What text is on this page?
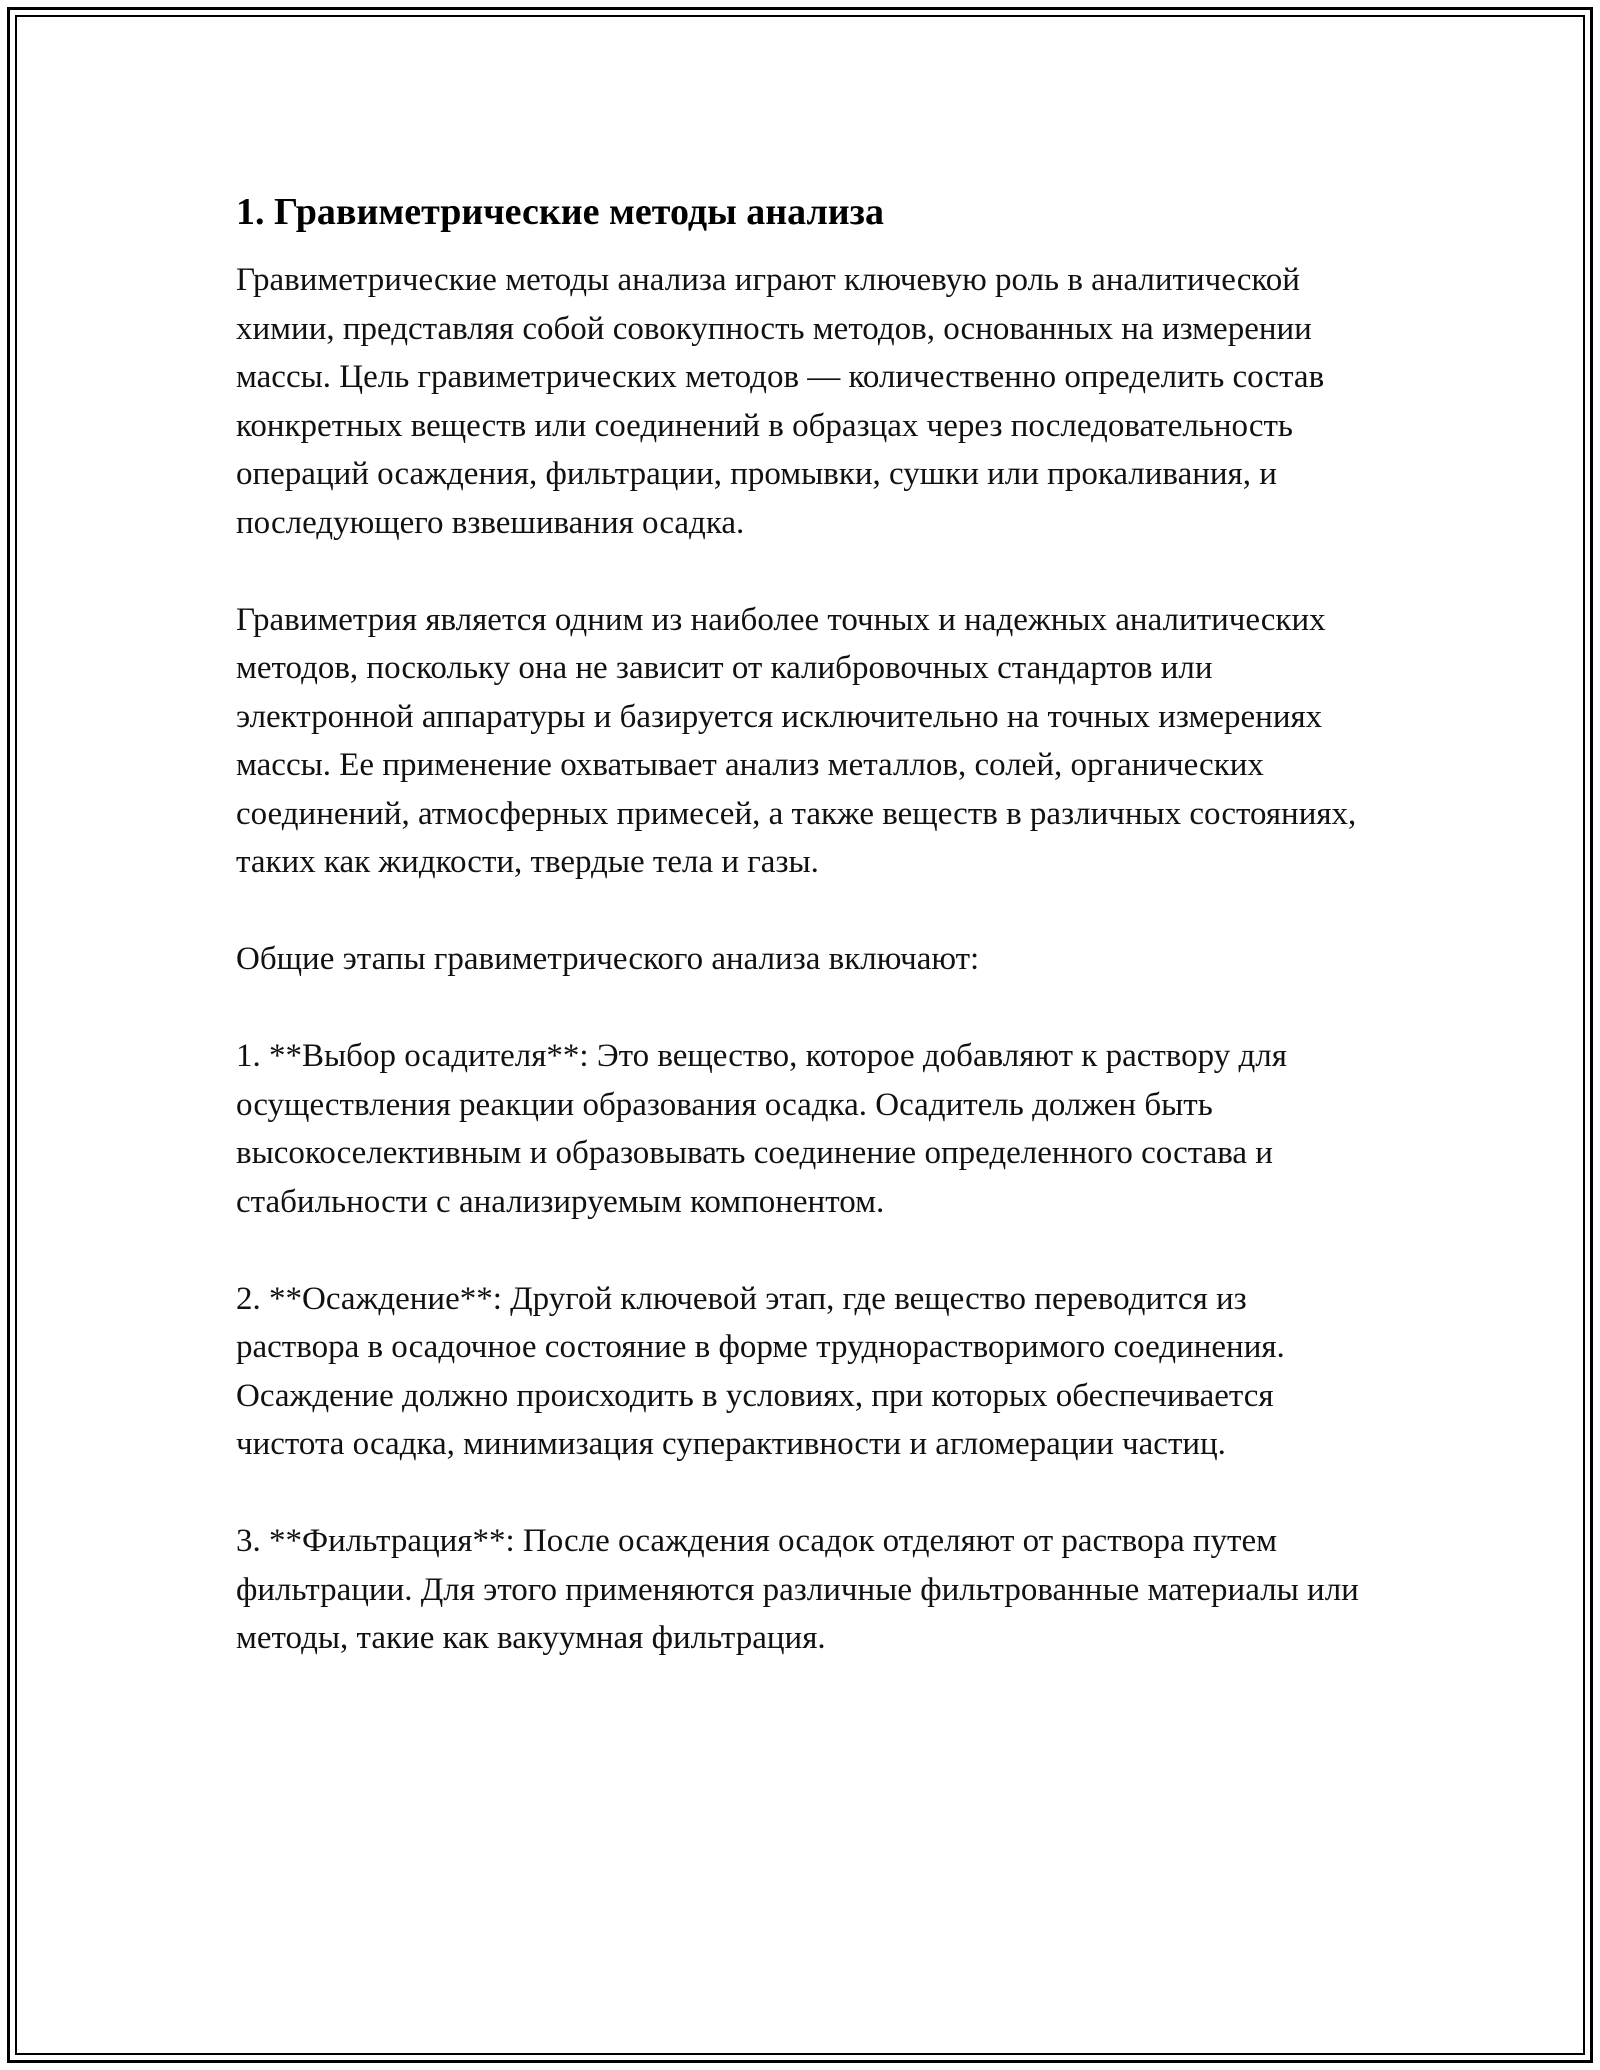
1. Гравиметрические методы анализа

Гравиметрические методы анализа играют ключевую роль в аналитической химии, представляя собой совокупность методов, основанных на измерении массы. Цель гравиметрических методов — количественно определить состав конкретных веществ или соединений в образцах через последовательность операций осаждения, фильтрации, промывки, сушки или прокаливания, и последующего взвешивания осадка.

Гравиметрия является одним из наиболее точных и надежных аналитических методов, поскольку она не зависит от калибровочных стандартов или электронной аппаратуры и базируется исключительно на точных измерениях массы. Ее применение охватывает анализ металлов, солей, органических соединений, атмосферных примесей, а также веществ в различных состояниях, таких как жидкости, твердые тела и газы.

Общие этапы гравиметрического анализа включают:

1. **Выбор осадителя**: Это вещество, которое добавляют к раствору для осуществления реакции образования осадка. Осадитель должен быть высокоселективным и образовывать соединение определенного состава и стабильности с анализируемым компонентом.

2. **Осаждение**: Другой ключевой этап, где вещество переводится из раствора в осадочное состояние в форме труднорастворимого соединения. Осаждение должно происходить в условиях, при которых обеспечивается чистота осадка, минимизация суперактивности и агломерации частиц.

3. **Фильтрация**: После осаждения осадок отделяют от раствора путем фильтрации. Для этого применяются различные фильтрованные материалы или методы, такие как вакуумная фильтрация.
